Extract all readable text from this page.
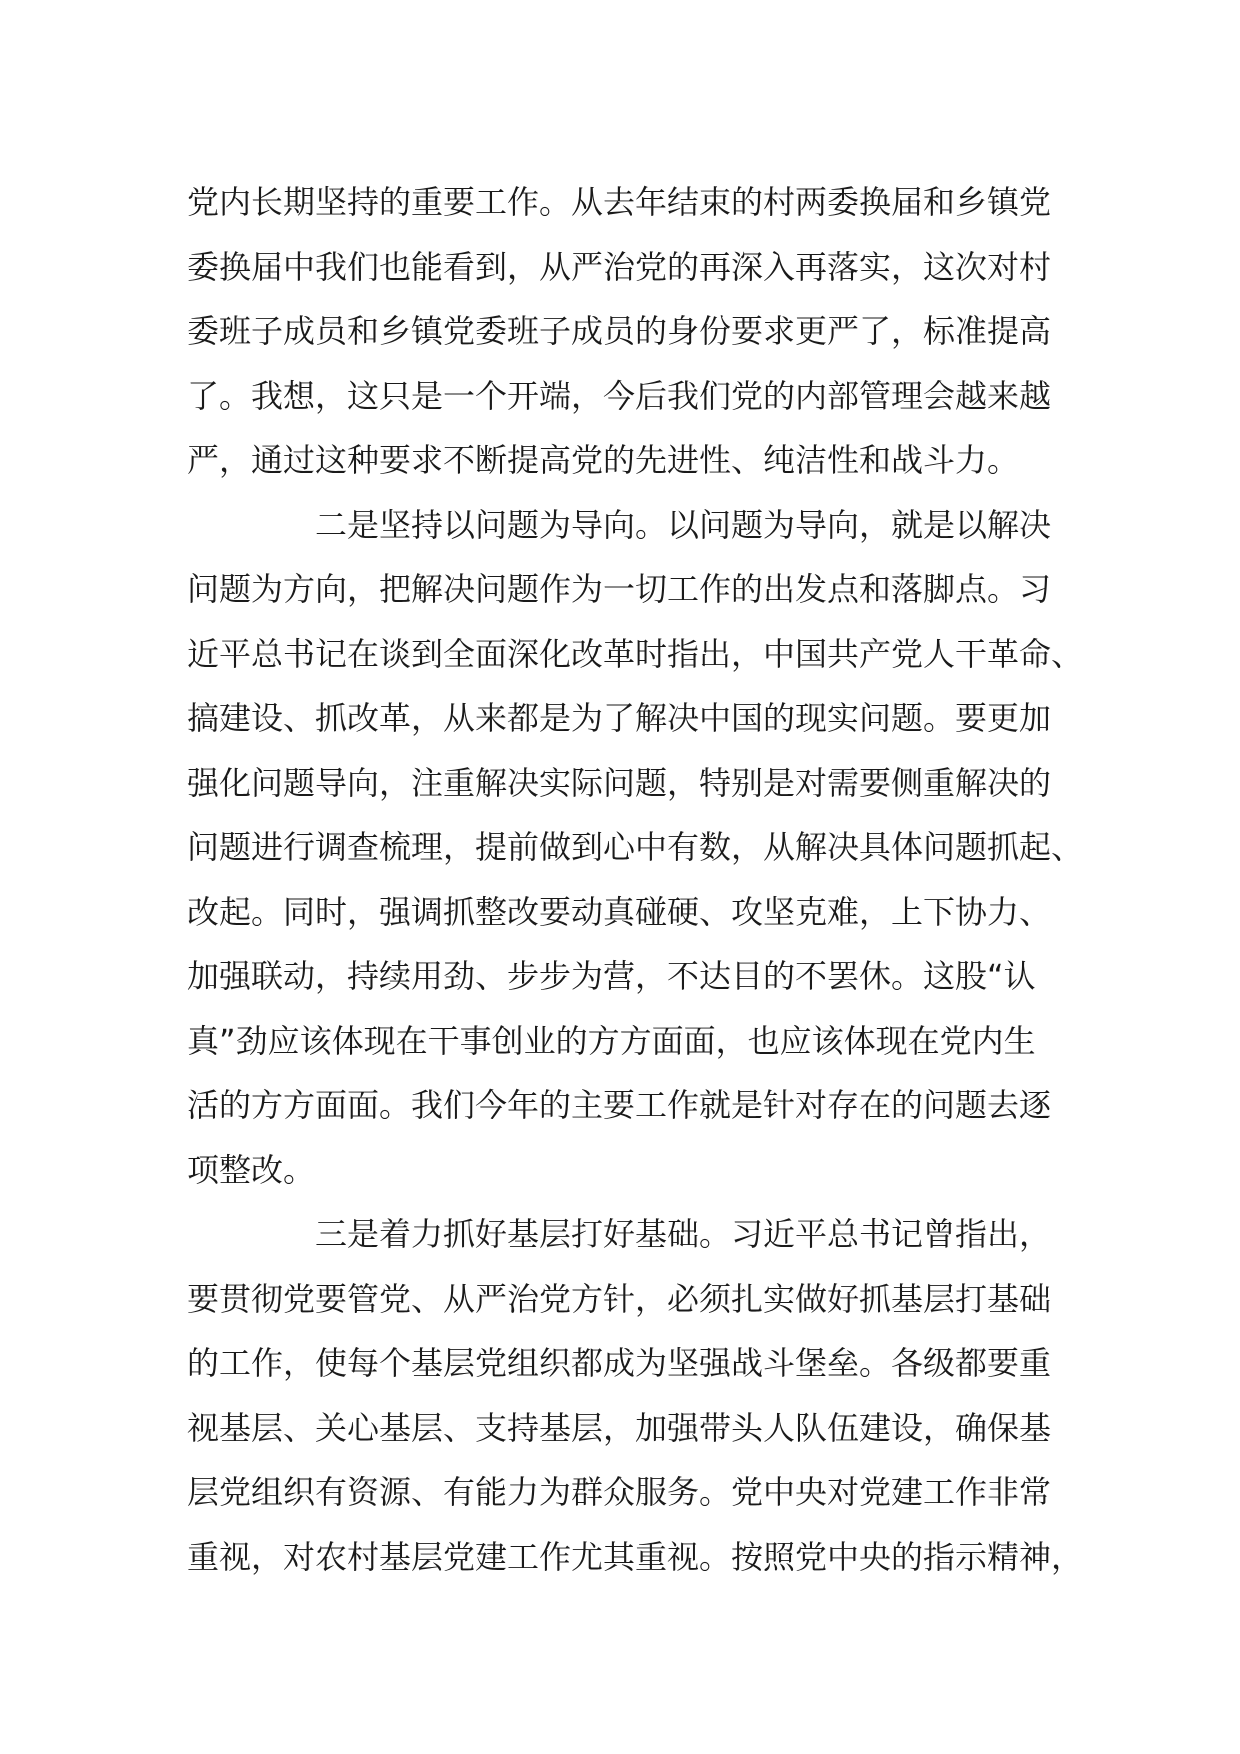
党内长期坚持的重要工作。从去年结束的村两委换届和乡镇党
委换届中我们也能看到，从严治党的再深入再落实，这次对村
委班子成员和乡镇党委班子成员的身份要求更严了，标准提高
了。我想，这只是一个开端，今后我们党的内部管理会越来越
严，通过这种要求不断提高党的先进性、纯洁性和战斗力。
二是坚持以问题为导向。以问题为导向，就是以解决
问题为方向，把解决问题作为一切工作的出发点和落脚点。习
近平总书记在谈到全面深化改革时指出，中国共产党人干革命、
搞建设、抓改革，从来都是为了解决中国的现实问题。要更加
强化问题导向，注重解决实际问题，特别是对需要侧重解决的
问题进行调查梳理，提前做到心中有数，从解决具体问题抓起、
改起。同时，强调抓整改要动真碰硬、攻坚克难，上下协力、
加强联动，持续用劲、步步为营，不达目的不罢休。这股“认
真”劲应该体现在干事创业的方方面面，也应该体现在党内生
活的方方面面。我们今年的主要工作就是针对存在的问题去逐
项整改。
三是着力抓好基层打好基础。习近平总书记曾指出，
要贯彻党要管党、从严治党方针，必须扎实做好抓基层打基础
的工作，使每个基层党组织都成为坚强战斗堡垒。各级都要重
视基层、关心基层、支持基层，加强带头人队伍建设，确保基
层党组织有资源、有能力为群众服务。党中央对党建工作非常
重视，对农村基层党建工作尤其重视。按照党中央的指示精神，
